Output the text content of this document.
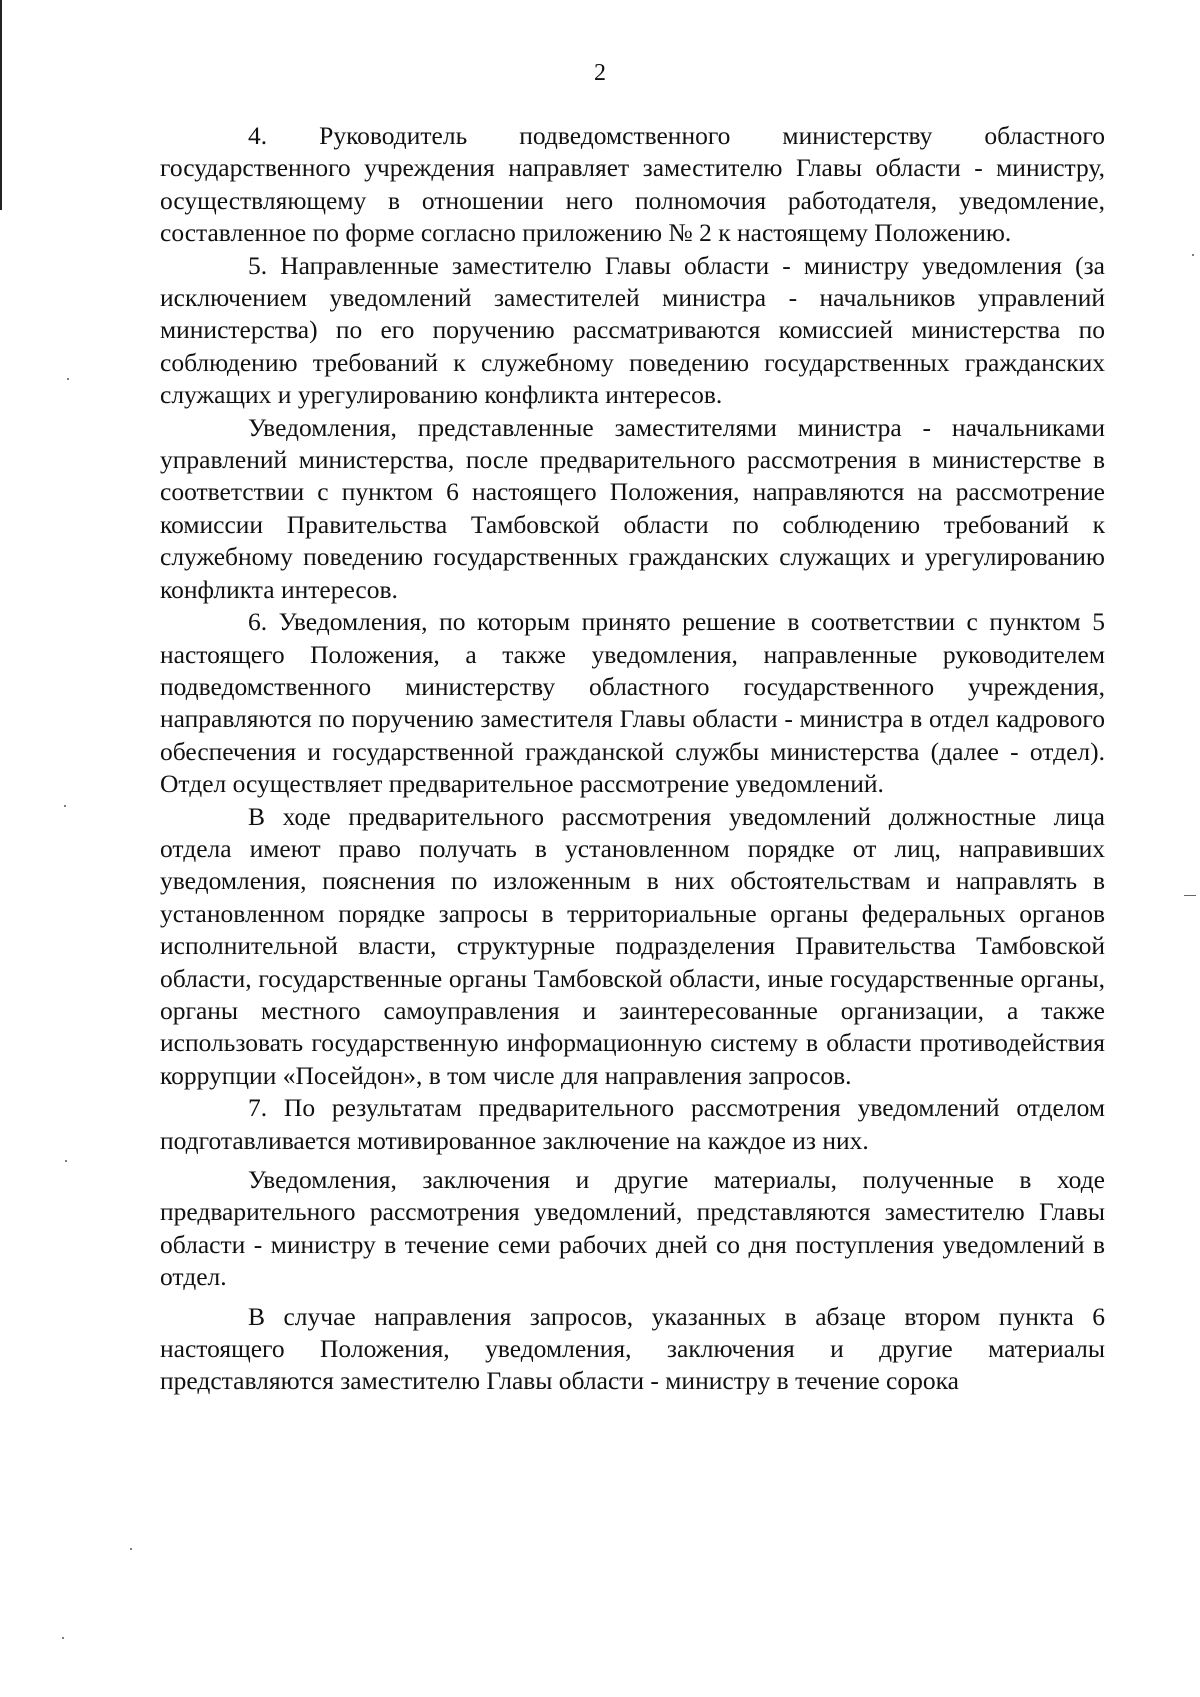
2

4. Руководитель подведомственного министерству областного государственного учреждения направляет заместителю Главы области - министру, осуществляющему в отношении него полномочия работодателя, уведомление, составленное по форме согласно приложению № 2 к настоящему Положению.

5. Направленные заместителю Главы области - министру уведомления (за исключением уведомлений заместителей министра - начальников управлений министерства) по его поручению рассматриваются комиссией министерства по соблюдению требований к служебному поведению государственных гражданских служащих и урегулированию конфликта интересов.

Уведомления, представленные заместителями министра - начальниками управлений министерства, после предварительного рассмотрения в министерстве в соответствии с пунктом 6 настоящего Положения, направляются на рассмотрение комиссии Правительства Тамбовской области по соблюдению требований к служебному поведению государственных гражданских служащих и урегулированию конфликта интересов.

6. Уведомления, по которым принято решение в соответствии с пунктом 5 настоящего Положения, а также уведомления, направленные руководителем подведомственного министерству областного государственного учреждения, направляются по поручению заместителя Главы области - министра в отдел кадрового обеспечения и государственной гражданской службы министерства (далее - отдел). Отдел осуществляет предварительное рассмотрение уведомлений.

В ходе предварительного рассмотрения уведомлений должностные лица отдела имеют право получать в установленном порядке от лиц, направивших уведомления, пояснения по изложенным в них обстоятельствам и направлять в установленном порядке запросы в территориальные органы федеральных органов исполнительной власти, структурные подразделения Правительства Тамбовской области, государственные органы Тамбовской области, иные государственные органы, органы местного самоуправления и заинтересованные организации, а также использовать государственную информационную систему в области противодействия коррупции «Посейдон», в том числе для направления запросов.

7. По результатам предварительного рассмотрения уведомлений отделом подготавливается мотивированное заключение на каждое из них.

Уведомления, заключения и другие материалы, полученные в ходе предварительного рассмотрения уведомлений, представляются заместителю Главы области - министру в течение семи рабочих дней со дня поступления уведомлений в отдел.

В случае направления запросов, указанных в абзаце втором пункта 6 настоящего Положения, уведомления, заключения и другие материалы представляются заместителю Главы области - министру в течение сорока
